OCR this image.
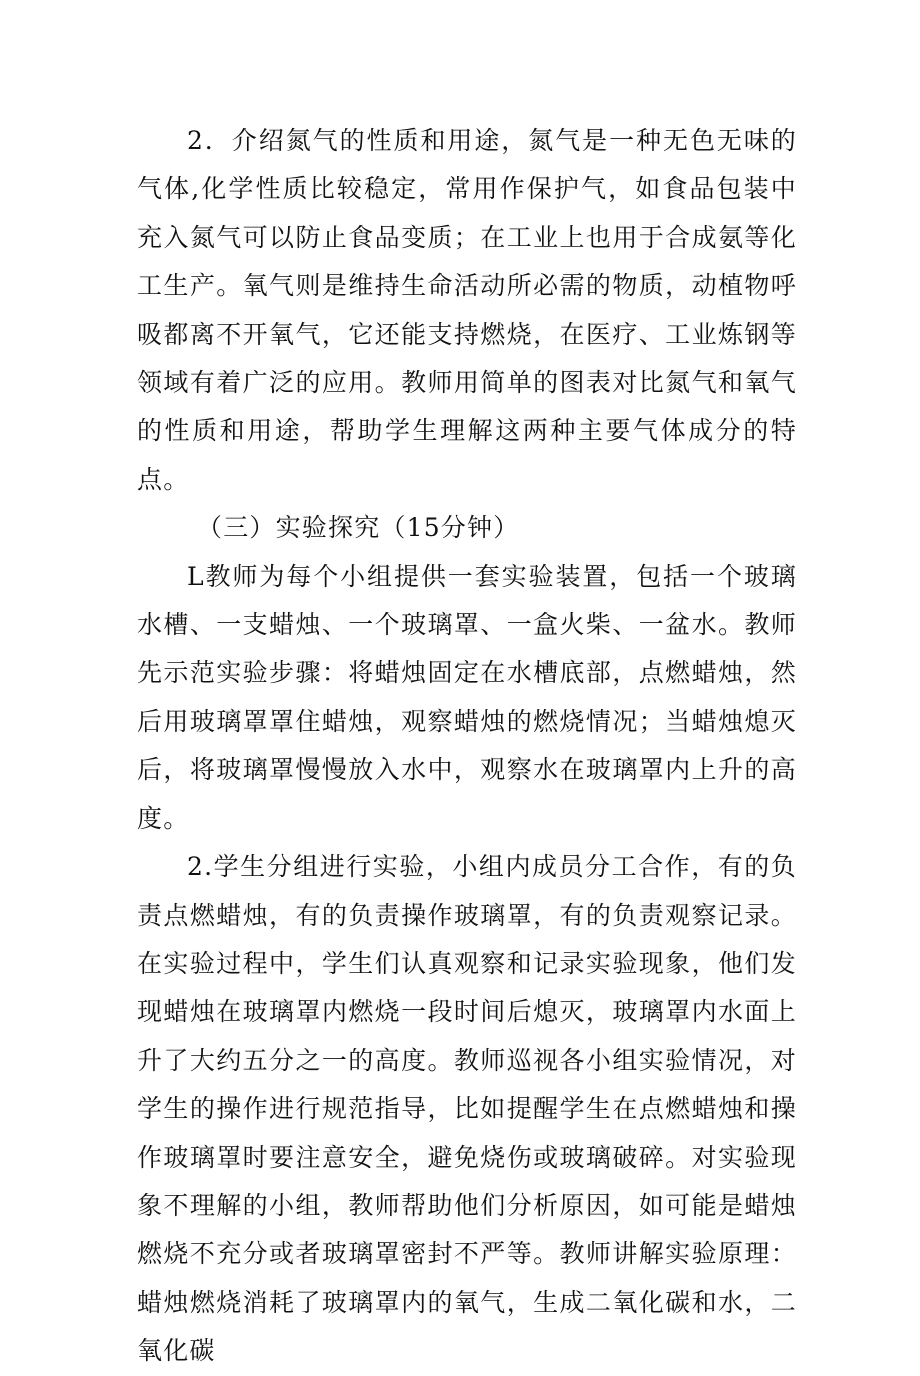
2．介绍氮气的性质和用途，氮气是一种无色无味的气体,化学性质比较稳定，常用作保护气，如食品包装中充入氮气可以防止食品变质；在工业上也用于合成氨等化工生产。氧气则是维持生命活动所必需的物质，动植物呼吸都离不开氧气，它还能支持燃烧，在医疗、工业炼钢等领域有着广泛的应用。教师用简单的图表对比氮气和氧气的性质和用途，帮助学生理解这两种主要气体成分的特点。

（三）实验探究（15分钟）

L教师为每个小组提供一套实验装置，包括一个玻璃水槽、一支蜡烛、一个玻璃罩、一盒火柴、一盆水。教师先示范实验步骤：将蜡烛固定在水槽底部，点燃蜡烛，然后用玻璃罩罩住蜡烛，观察蜡烛的燃烧情况；当蜡烛熄灭后，将玻璃罩慢慢放入水中，观察水在玻璃罩内上升的高度。

2.学生分组进行实验，小组内成员分工合作，有的负责点燃蜡烛，有的负责操作玻璃罩，有的负责观察记录。在实验过程中，学生们认真观察和记录实验现象，他们发现蜡烛在玻璃罩内燃烧一段时间后熄灭，玻璃罩内水面上升了大约五分之一的高度。教师巡视各小组实验情况，对学生的操作进行规范指导，比如提醒学生在点燃蜡烛和操作玻璃罩时要注意安全，避免烧伤或玻璃破碎。对实验现象不理解的小组，教师帮助他们分析原因，如可能是蜡烛燃烧不充分或者玻璃罩密封不严等。教师讲解实验原理：蜡烛燃烧消耗了玻璃罩内的氧气，生成二氧化碳和水，二氧化碳
